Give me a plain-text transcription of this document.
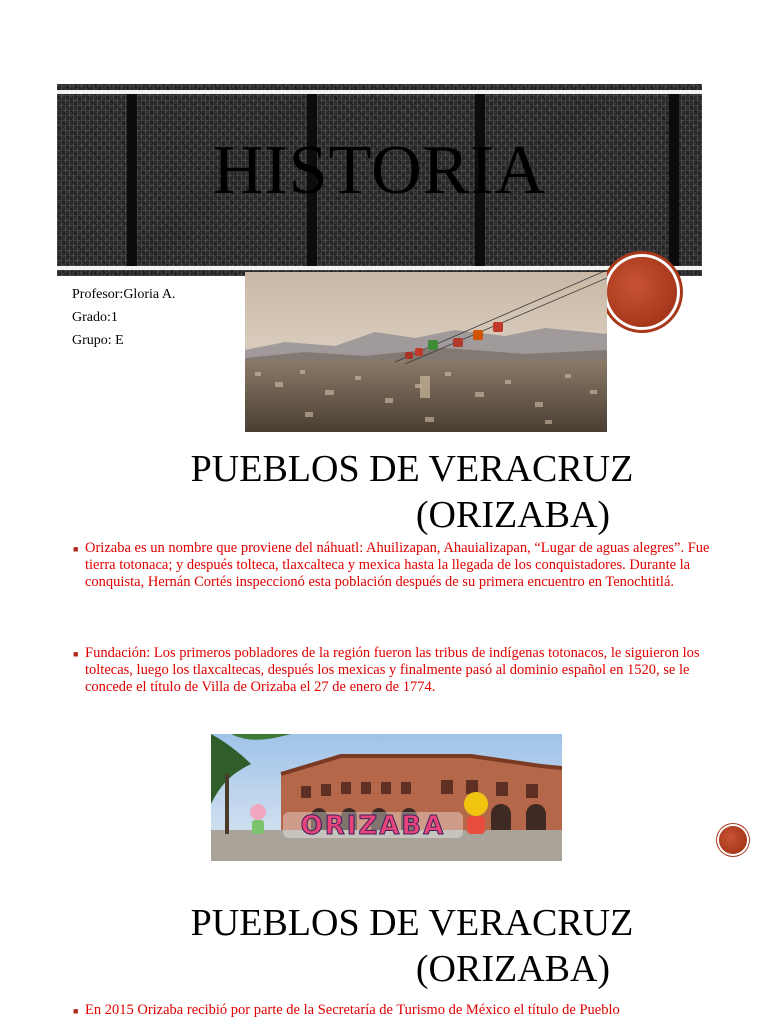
HISTORIA
Profesor:Gloria A.
Grado:1
Grupo: E
PUEBLOS DE VERACRUZ
(ORIZABA)
■ Orizaba es un nombre que proviene del náhuatl: Ahuilizapan, Ahauializapan, “Lugar de aguas alegres”. Fue tierra totonaca; y después tolteca, tlaxcalteca y mexica hasta la llegada de los conquistadores. Durante la conquista, Hernán Cortés inspeccionó esta población después de su primera encuentro en Tenochtitlá.
■ Fundación: Los primeros pobladores de la región fueron las tribus de indígenas totonacos, le siguieron los toltecas, luego los tlaxcaltecas, después los mexicas y finalmente pasó al dominio español en 1520, se le concede el título de Villa de Orizaba el 27 de enero de 1774.
ORIZABA
PUEBLOS DE VERACRUZ
(ORIZABA)
■ En 2015 Orizaba recibió por parte de la Secretaría de Turismo de México el título de Pueblo
